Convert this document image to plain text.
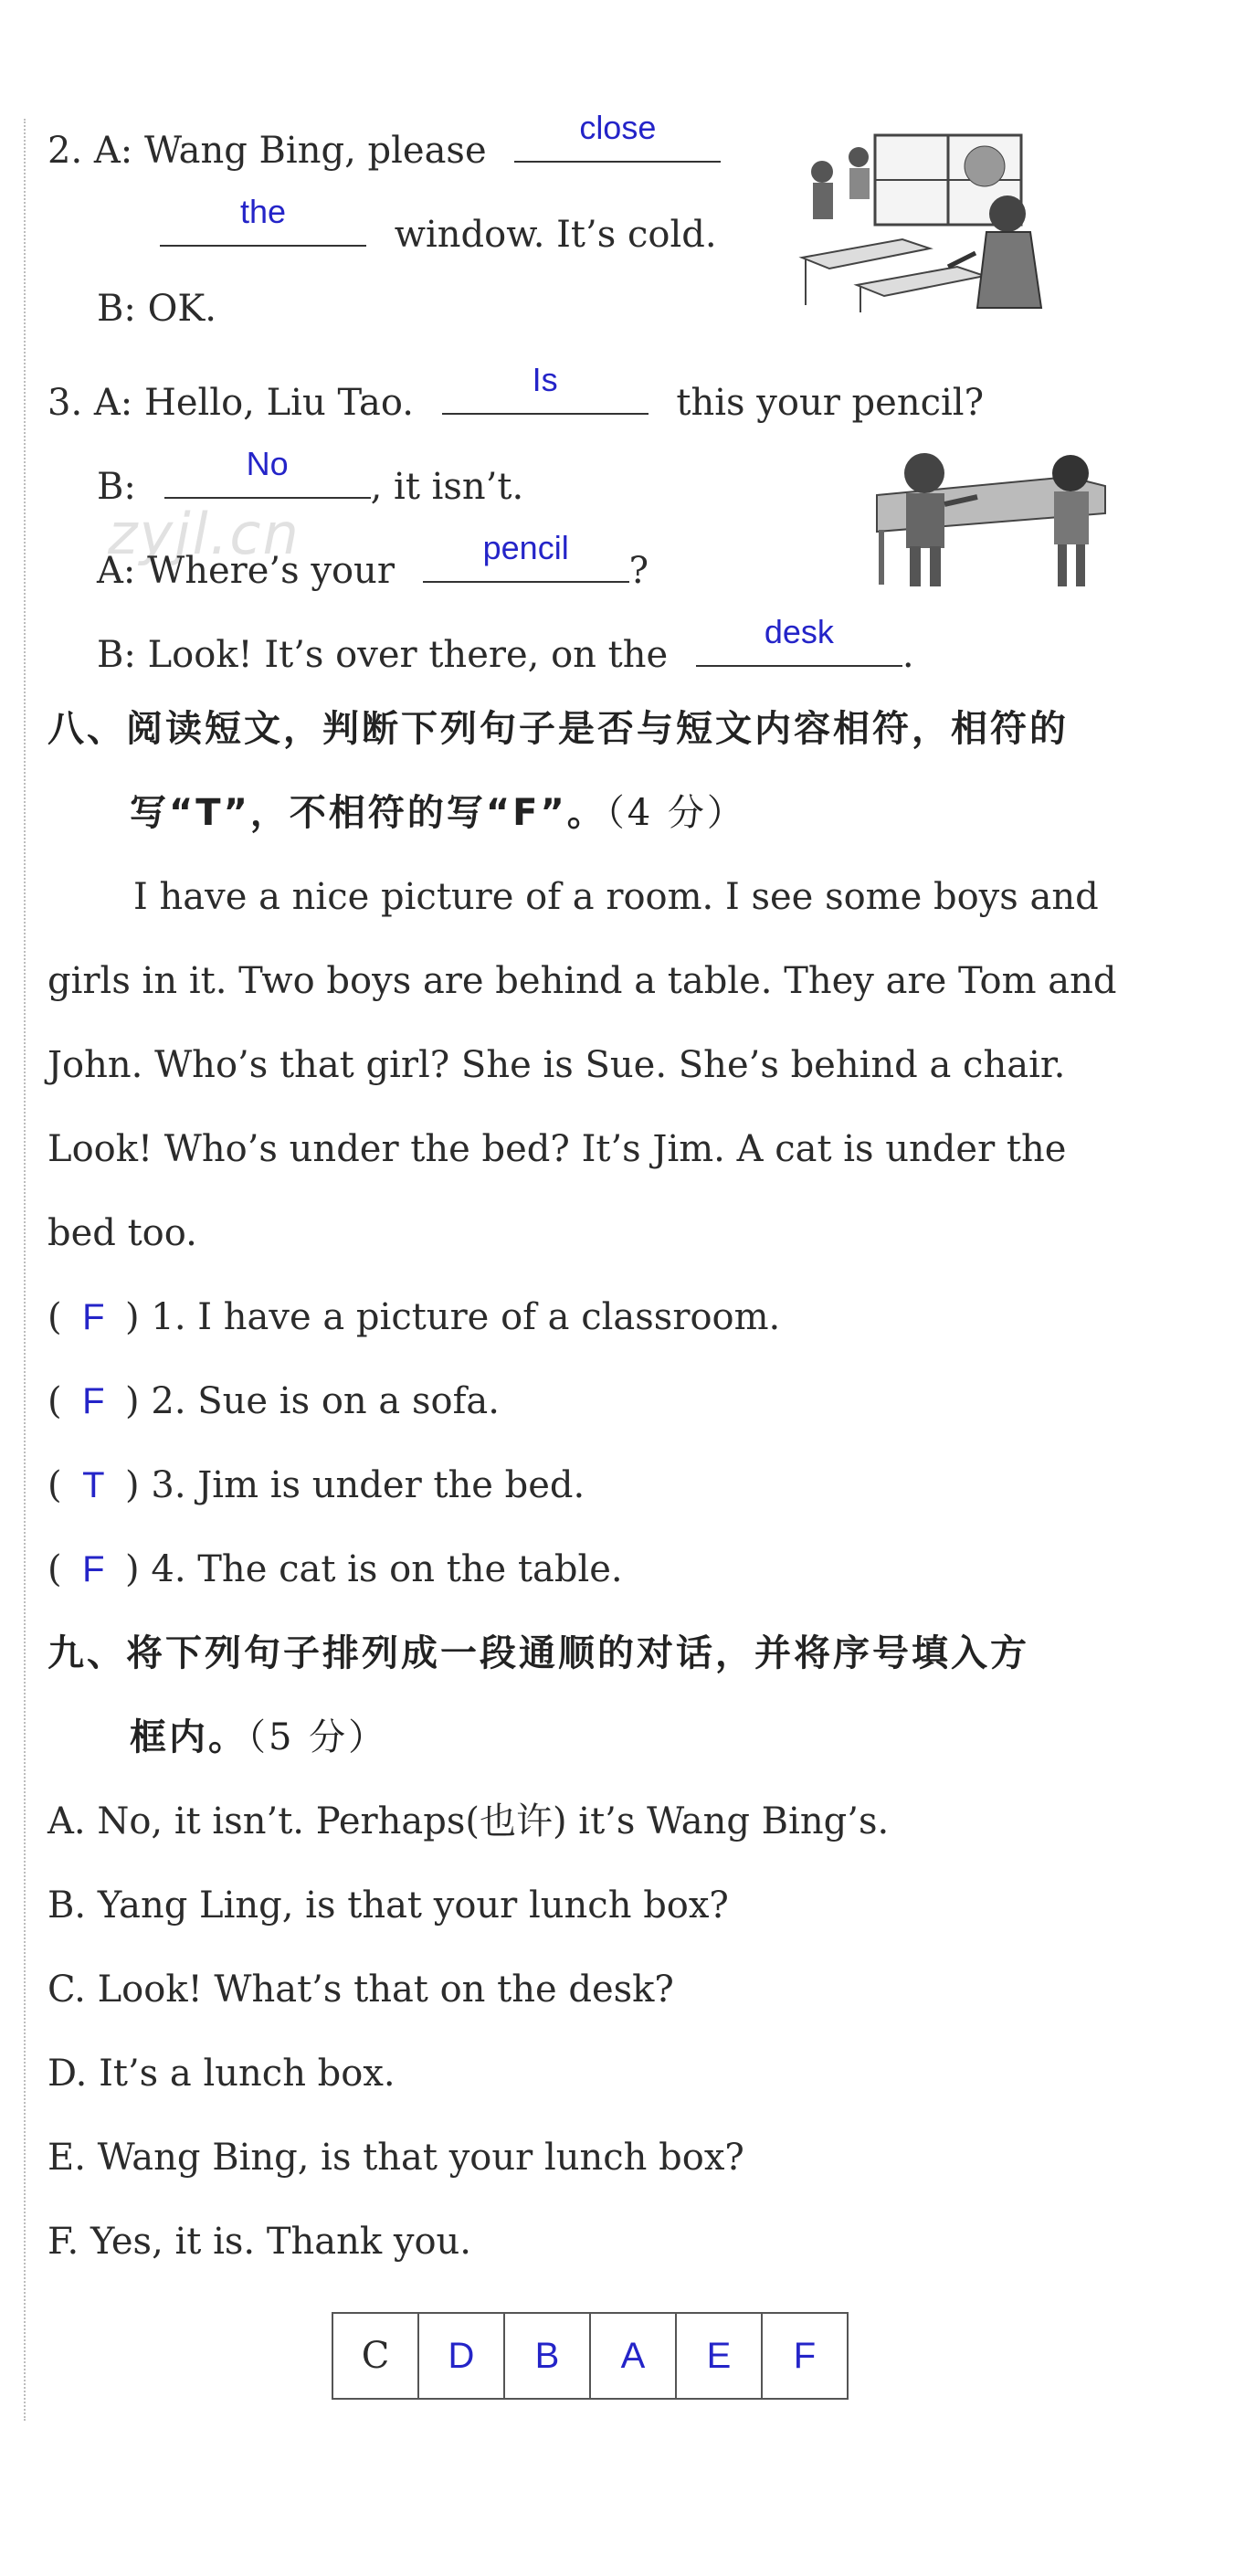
2. A: Wang Bing, please
close
the
window. It’s cold.
B: OK.
3. A: Hello, Liu Tao.
Is
this your pencil?
B:
No
, it isn’t.
zyjl.cn
A: Where’s your
pencil
?
B: Look! It’s over there, on the
desk
.
八、阅读短文，判断下列句子是否与短文内容相符，相符的
写“T”，不相符的写“F”。（4 分）
I have a nice picture of a room. I see some boys and
girls in it. Two boys are behind a table. They are Tom and
John. Who’s that girl? She is Sue. She’s behind a chair.
Look! Who’s under the bed? It’s Jim. A cat is under the
bed too.
( F ) 1. I have a picture of a classroom.
( F ) 2. Sue is on a sofa.
( T ) 3. Jim is under the bed.
( F ) 4. The cat is on the table.
九、将下列句子排列成一段通顺的对话，并将序号填入方
框内。（5 分）
A. No, it isn’t. Perhaps(也许) it’s Wang Bing’s.
B. Yang Ling, is that your lunch box?
C. Look! What’s that on the desk?
D. It’s a lunch box.
E. Wang Bing, is that your lunch box?
F. Yes, it is. Thank you.
C	D	B	A	E	F
